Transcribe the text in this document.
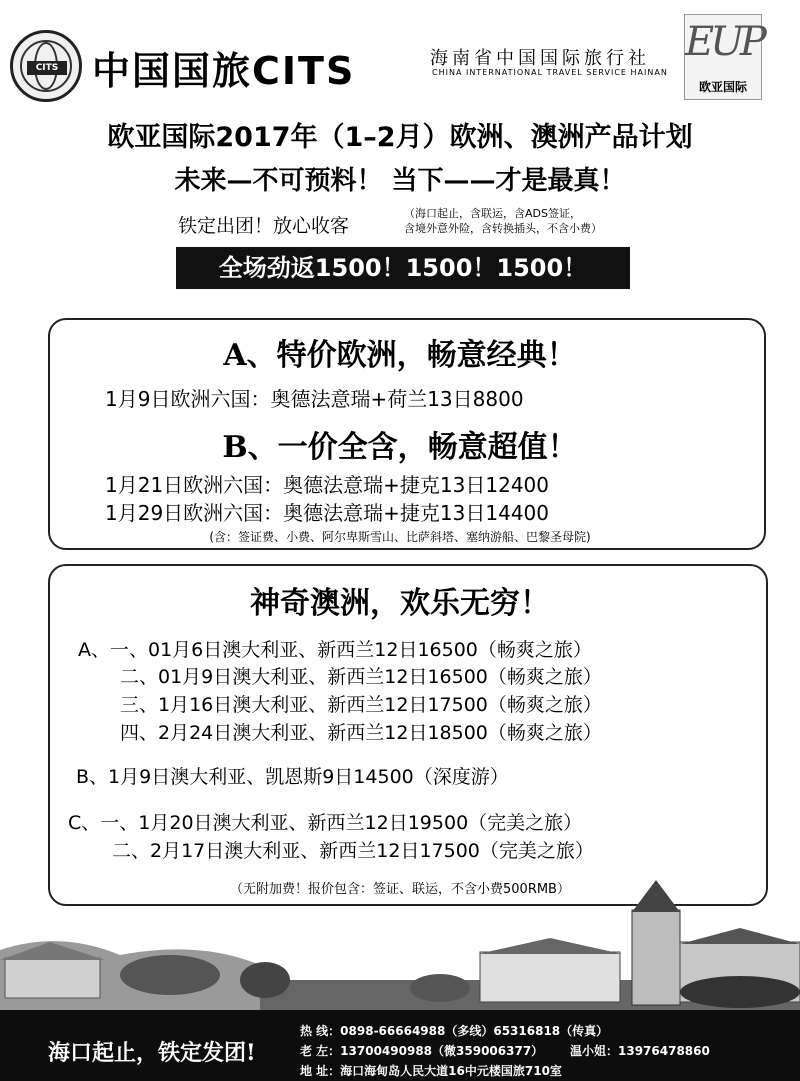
CITS 中国国旅CITS	海南省中国国际旅行社
CHINA INTERNATIONAL TRAVEL SERVICE HAINAN
EUP
欧亚国际
欧亚国际2017年（1–2月）欧洲、澳洲产品计划
未来—不可预料！ 当下——才是最真！
铁定出团！放心收客
（海口起止，含联运，含ADS签证，
含境外意外险，含转换插头，不含小费）
全场劲返1500！1500！1500！
A、特价欧洲，畅意经典！
1月9日欧洲六国：奥德法意瑞+荷兰13日8800
B、一价全含，畅意超值！
1月21日欧洲六国：奥德法意瑞+捷克13日12400
1月29日欧洲六国：奥德法意瑞+捷克13日14400
(含：签证费、小费、阿尔卑斯雪山、比萨斜塔、塞纳游船、巴黎圣母院)
神奇澳洲，欢乐无穷！
A、一、01月6日澳大利亚、新西兰12日16500（畅爽之旅）
二、01月9日澳大利亚、新西兰12日16500（畅爽之旅）
三、1月16日澳大利亚、新西兰12日17500（畅爽之旅）
四、2月24日澳大利亚、新西兰12日18500（畅爽之旅）
B、1月9日澳大利亚、凯恩斯9日14500（深度游）
C、一、1月20日澳大利亚、新西兰12日19500（完美之旅）
二、2月17日澳大利亚、新西兰12日17500（完美之旅）
（无附加费！报价包含：签证、联运，不含小费500RMB）
海口起止，铁定发团!
热 线：0898-66664988（多线）65316818（传真）
老 左：13700490988（微359006377） 温小姐：13976478860
地 址：海口海甸岛人民大道16中元楼国旅710室
